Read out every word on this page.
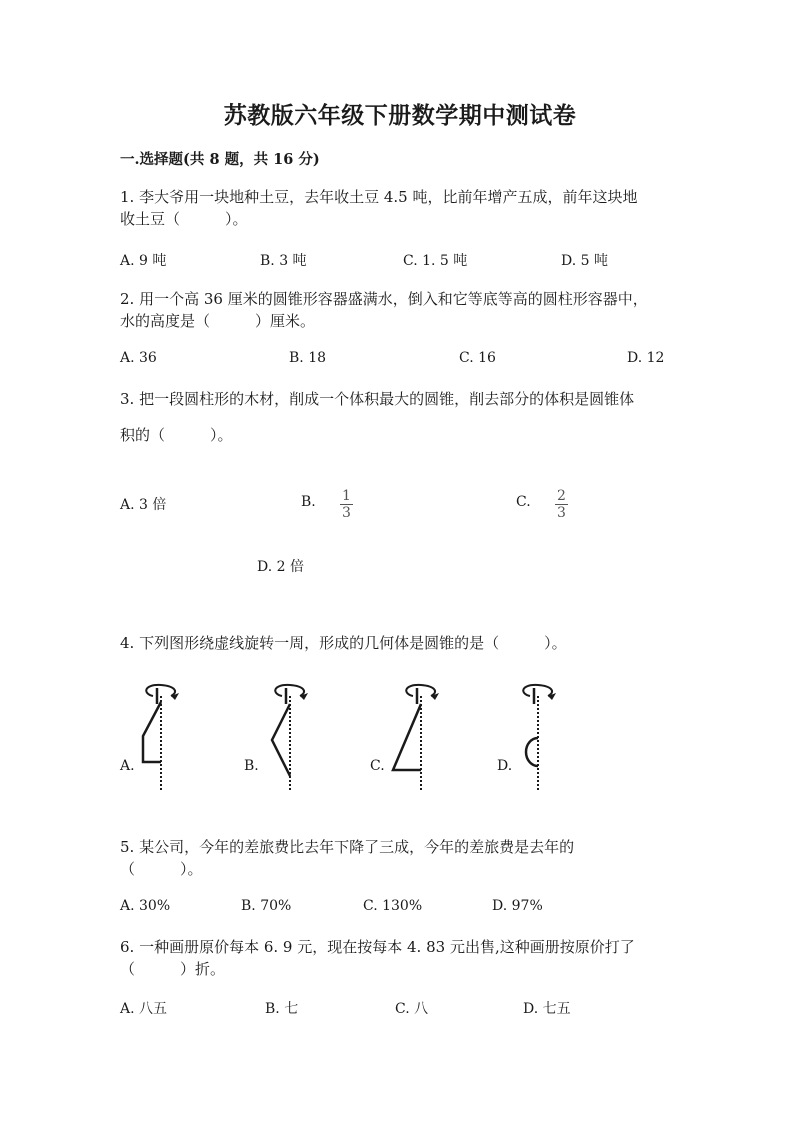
苏教版六年级下册数学期中测试卷
一.选择题(共 8 题，共 16 分)
1. 李大爷用一块地种土豆，去年收土豆 4.5 吨，比前年增产五成，前年这块地
收土豆（　　　）。
A. 9 吨	B. 3 吨	C. 1. 5 吨	D. 5 吨
2. 用一个高 36 厘米的圆锥形容器盛满水，倒入和它等底等高的圆柱形容器中，
水的高度是（　　　）厘米。
A. 36	B. 18	C. 16	D. 12
3. 把一段圆柱形的木材，削成一个体积最大的圆锥，削去部分的体积是圆锥体
积的（　　　）。
A. 3 倍	B. $\frac{1}{3}$	C. $\frac{2}{3}$
D. 2 倍
4. 下列图形绕虚线旋转一周，形成的几何体是圆锥的是（　　　）。
A.	B.	C.	D.
5. 某公司，今年的差旅费比去年下降了三成，今年的差旅费是去年的
（　　　）。
A. 30%	B. 70%	C. 130%	D. 97%
6. 一种画册原价每本 6. 9 元，现在按每本 4. 83 元出售,这种画册按原价打了
（　　　）折。
A. 八五	B. 七	C. 八	D. 七五
